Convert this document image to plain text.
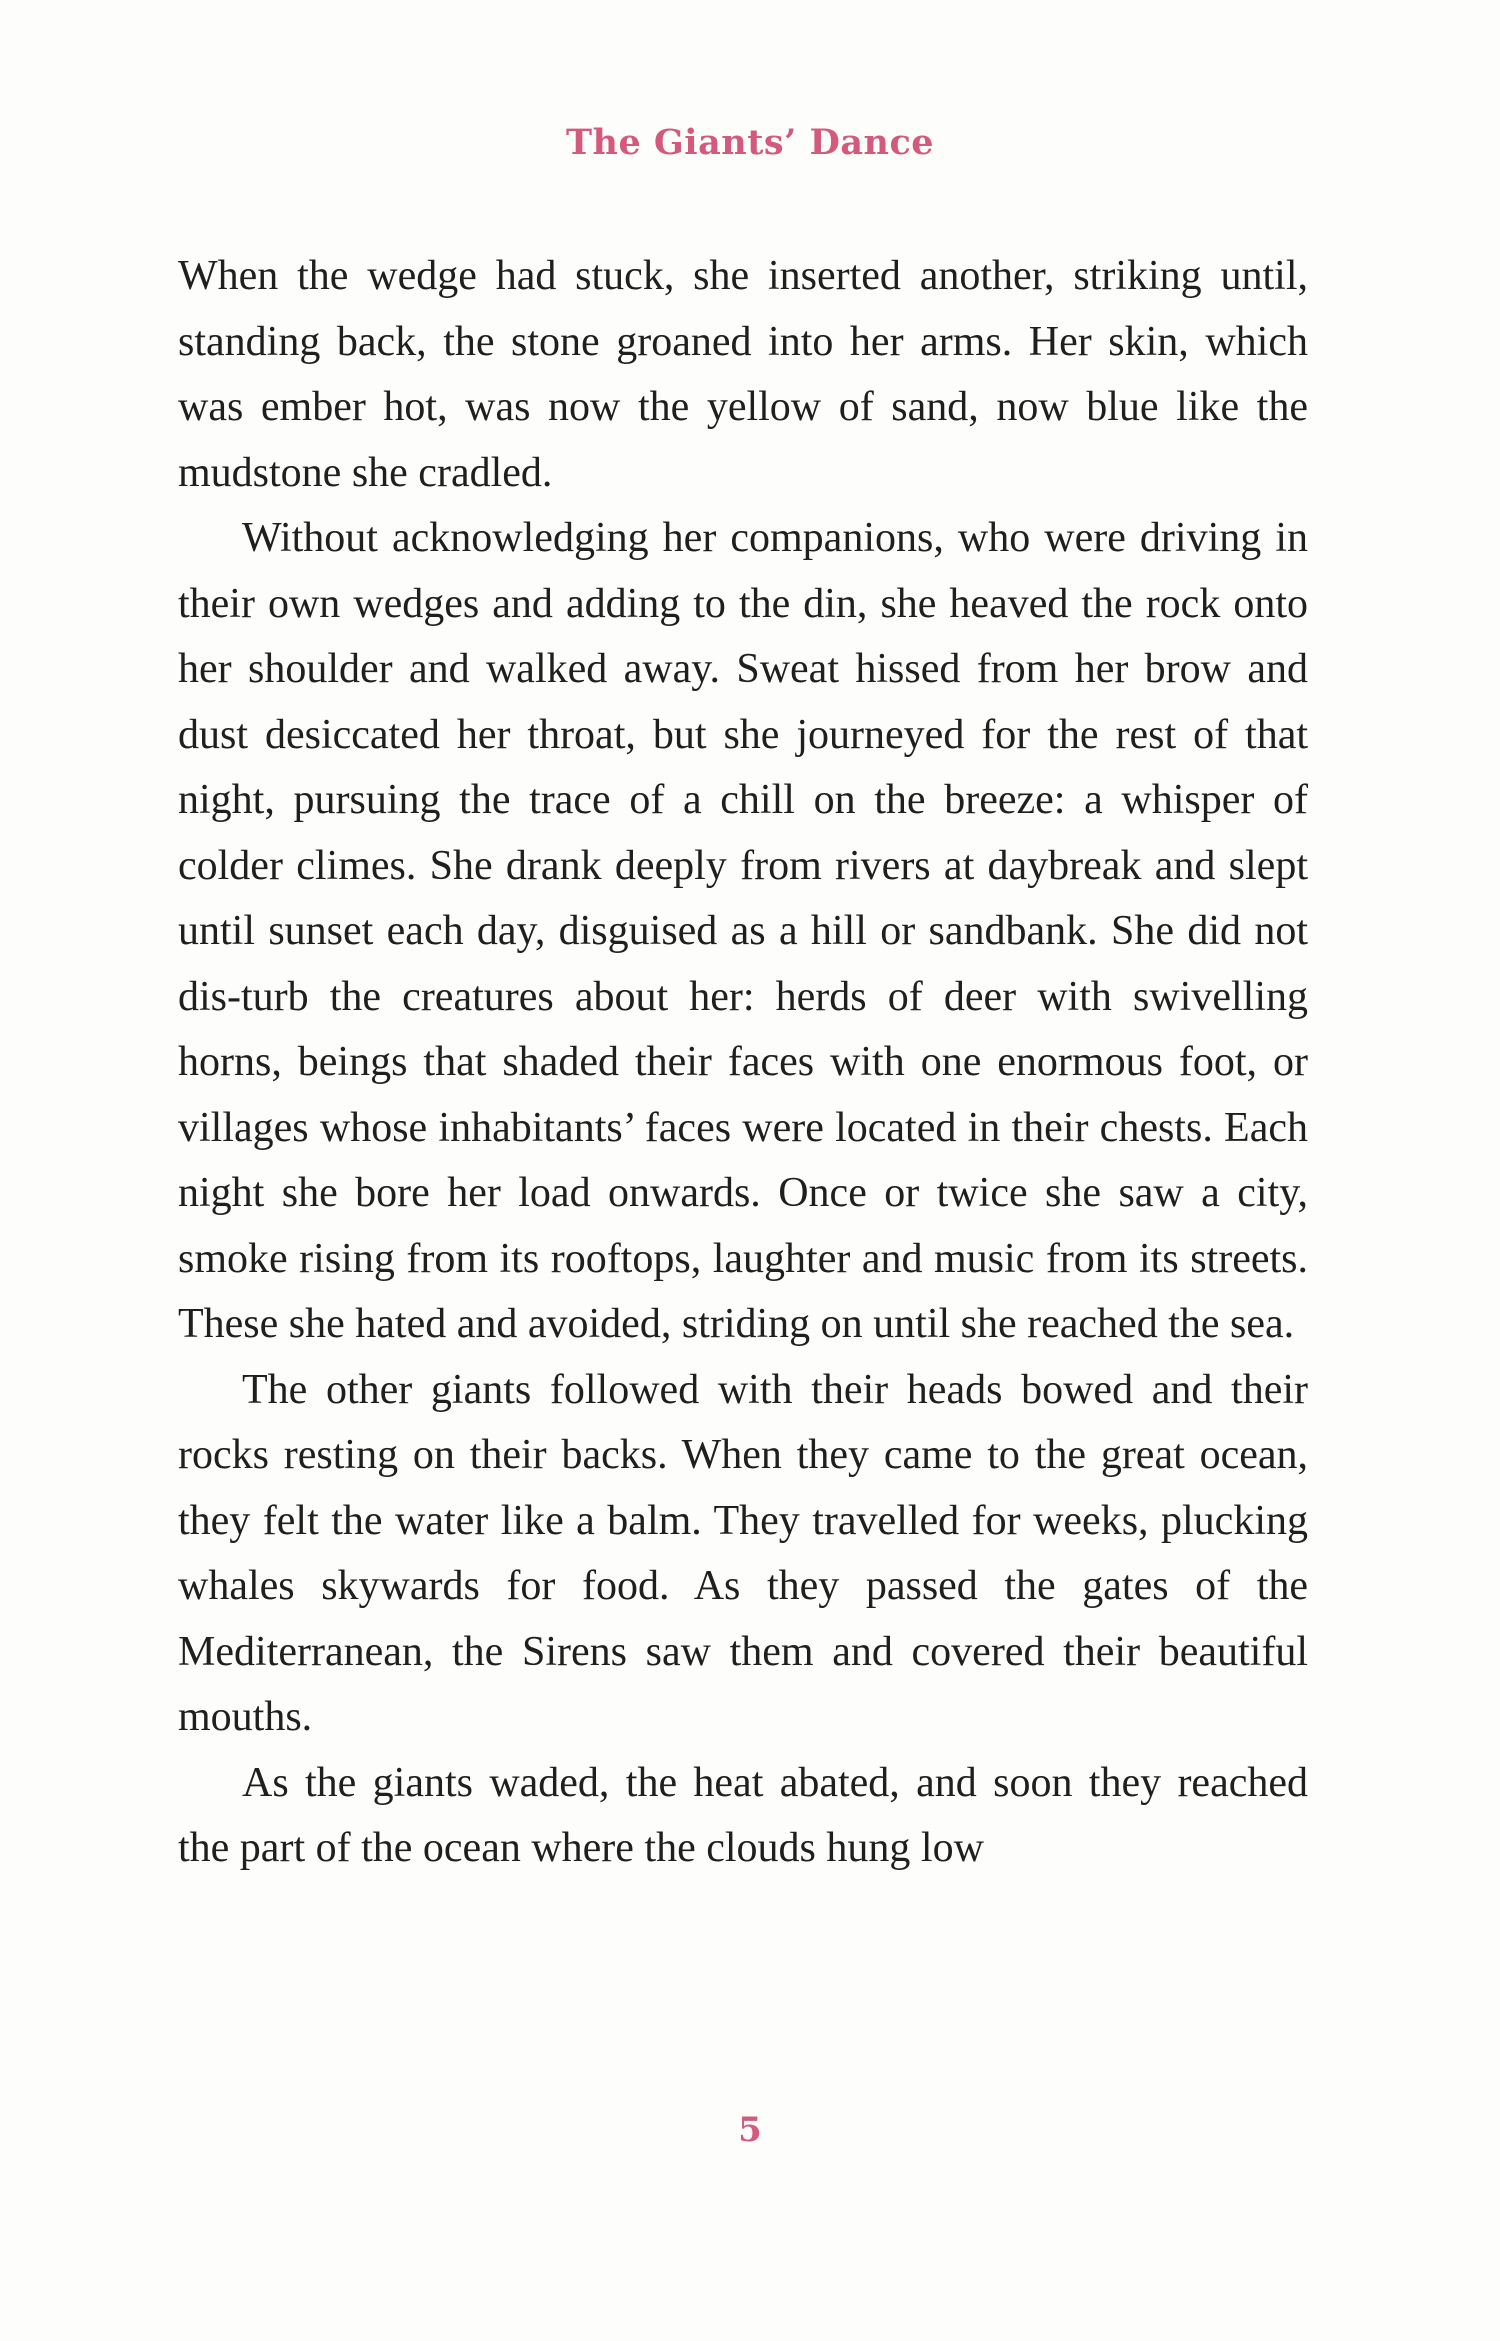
The Giants’ Dance

When the wedge had stuck, she inserted another, striking until, standing back, the stone groaned into her arms. Her skin, which was ember hot, was now the yellow of sand, now blue like the mudstone she cradled.

Without acknowledging her companions, who were driving in their own wedges and adding to the din, she heaved the rock onto her shoulder and walked away. Sweat hissed from her brow and dust desiccated her throat, but she journeyed for the rest of that night, pursuing the trace of a chill on the breeze: a whisper of colder climes. She drank deeply from rivers at daybreak and slept until sunset each day, disguised as a hill or sandbank. She did not dis-turb the creatures about her: herds of deer with swivelling horns, beings that shaded their faces with one enormous foot, or villages whose inhabitants’ faces were located in their chests. Each night she bore her load onwards. Once or twice she saw a city, smoke rising from its rooftops, laughter and music from its streets. These she hated and avoided, striding on until she reached the sea.

The other giants followed with their heads bowed and their rocks resting on their backs. When they came to the great ocean, they felt the water like a balm. They travelled for weeks, plucking whales skywards for food. As they passed the gates of the Mediterranean, the Sirens saw them and covered their beautiful mouths.

As the giants waded, the heat abated, and soon they reached the part of the ocean where the clouds hung low

5
